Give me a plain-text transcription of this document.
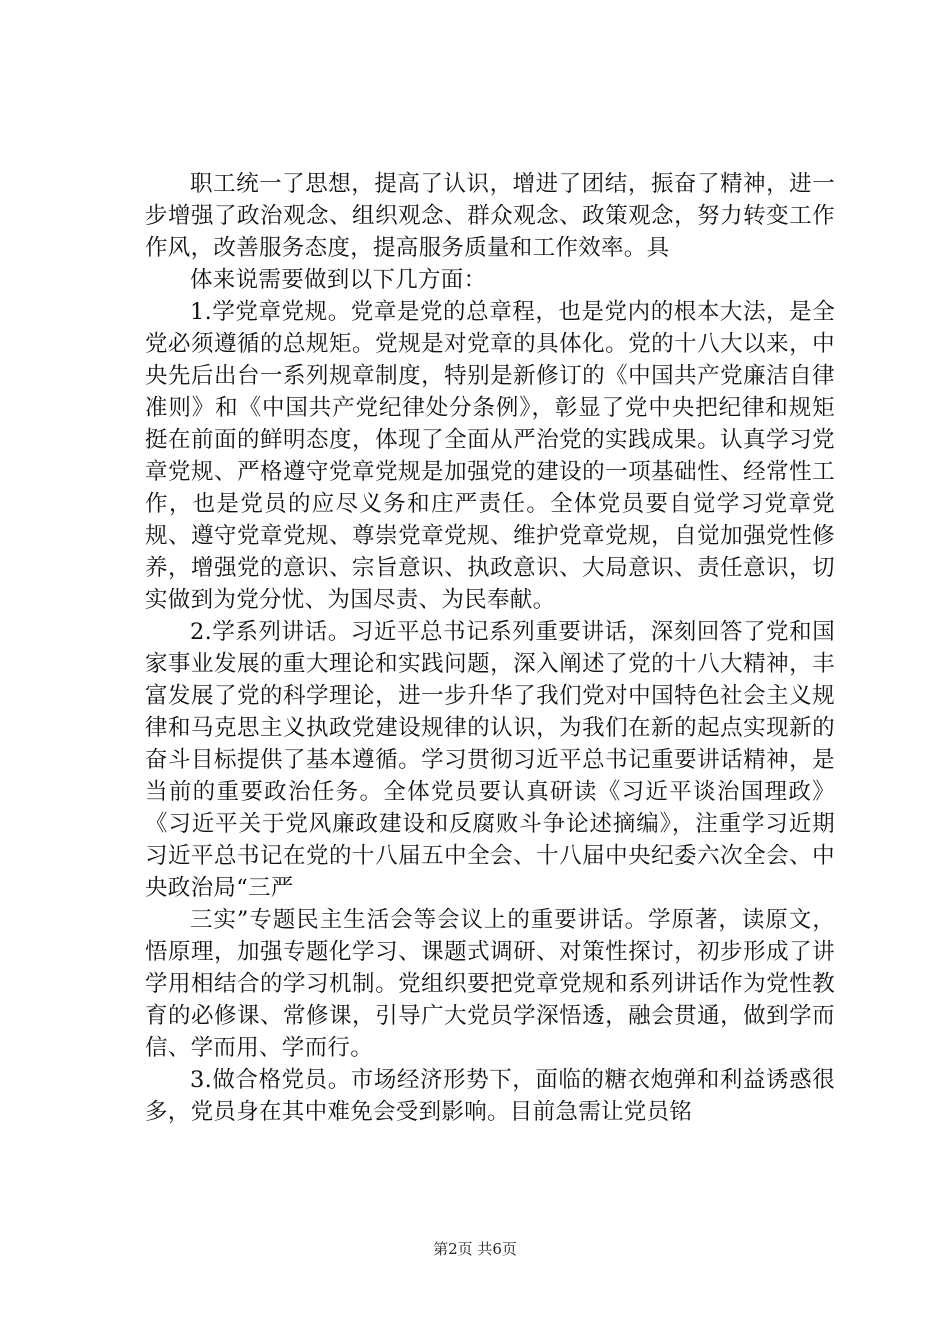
职工统一了思想，提高了认识，增进了团结，振奋了精神，进一步增强了政治观念、组织观念、群众观念、政策观念，努力转变工作作风，改善服务态度，提高服务质量和工作效率。具

体来说需要做到以下几方面：

1.学党章党规。党章是党的总章程，也是党内的根本大法，是全党必须遵循的总规矩。党规是对党章的具体化。党的十八大以来，中央先后出台一系列规章制度，特别是新修订的《中国共产党廉洁自律准则》和《中国共产党纪律处分条例》，彰显了党中央把纪律和规矩挺在前面的鲜明态度，体现了全面从严治党的实践成果。认真学习党章党规、严格遵守党章党规是加强党的建设的一项基础性、经常性工作，也是党员的应尽义务和庄严责任。全体党员要自觉学习党章党规、遵守党章党规、尊崇党章党规、维护党章党规，自觉加强党性修养，增强党的意识、宗旨意识、执政意识、大局意识、责任意识，切实做到为党分忧、为国尽责、为民奉献。

2.学系列讲话。习近平总书记系列重要讲话，深刻回答了党和国家事业发展的重大理论和实践问题，深入阐述了党的十八大精神，丰富发展了党的科学理论，进一步升华了我们党对中国特色社会主义规律和马克思主义执政党建设规律的认识，为我们在新的起点实现新的奋斗目标提供了基本遵循。学习贯彻习近平总书记重要讲话精神，是当前的重要政治任务。全体党员要认真研读《习近平谈治国理政》《习近平关于党风廉政建设和反腐败斗争论述摘编》，注重学习近期习近平总书记在党的十八届五中全会、十八届中央纪委六次全会、中央政治局“三严

三实”专题民主生活会等会议上的重要讲话。学原著，读原文，悟原理，加强专题化学习、课题式调研、对策性探讨，初步形成了讲学用相结合的学习机制。党组织要把党章党规和系列讲话作为党性教育的必修课、常修课，引导广大党员学深悟透，融会贯通，做到学而信、学而用、学而行。

3.做合格党员。市场经济形势下，面临的糖衣炮弹和利益诱惑很多，党员身在其中难免会受到影响。目前急需让党员铭

第2页 共6页
